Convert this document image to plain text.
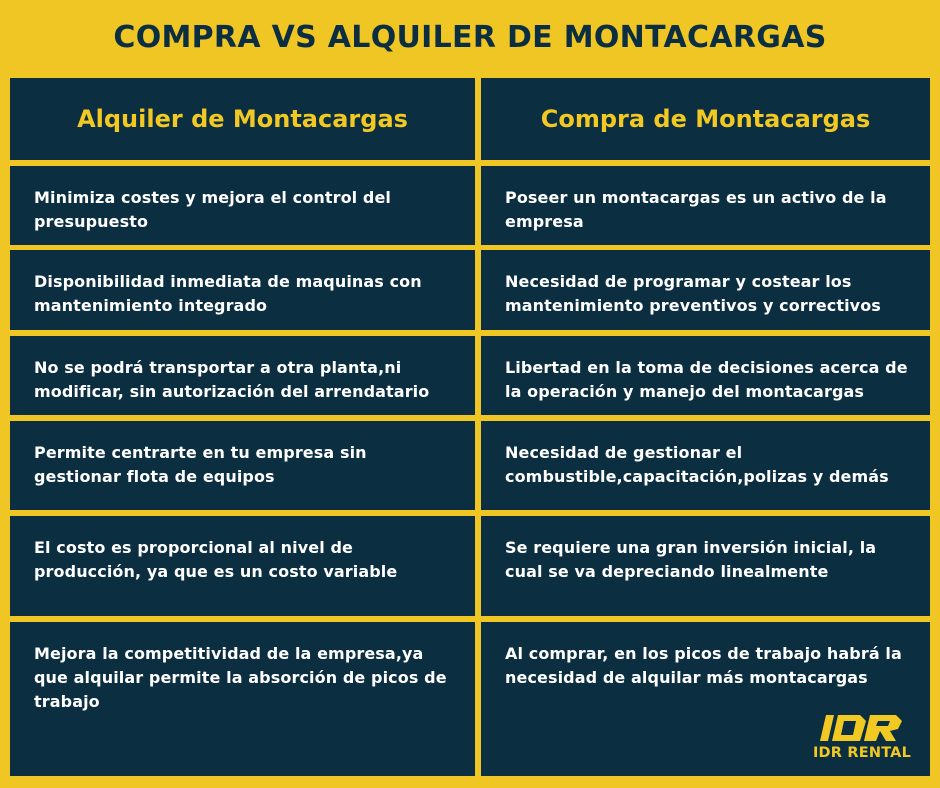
COMPRA VS ALQUILER DE MONTACARGAS
Alquiler de Montacargas	Compra de Montacargas
Minimiza costes y mejora el control del presupuesto
Poseer un montacargas es un activo de la empresa
Disponibilidad inmediata de maquinas con mantenimiento integrado
Necesidad de programar y costear los mantenimiento preventivos y correctivos
No se podrá transportar a otra planta,ni modificar, sin autorización del arrendatario
Libertad en la toma de decisiones acerca de la operación y manejo del montacargas
Permite centrarte en tu empresa sin gestionar flota de equipos
Necesidad de gestionar el combustible,capacitación,polizas y demás
El costo es proporcional al nivel de producción, ya que es un costo variable
Se requiere una gran inversión inicial, la cual se va depreciando linealmente
Mejora la competitividad de la empresa,ya que alquilar permite la absorción de picos de trabajo
Al comprar, en los picos de trabajo habrá la necesidad de alquilar más montacargas
IDR RENTAL
